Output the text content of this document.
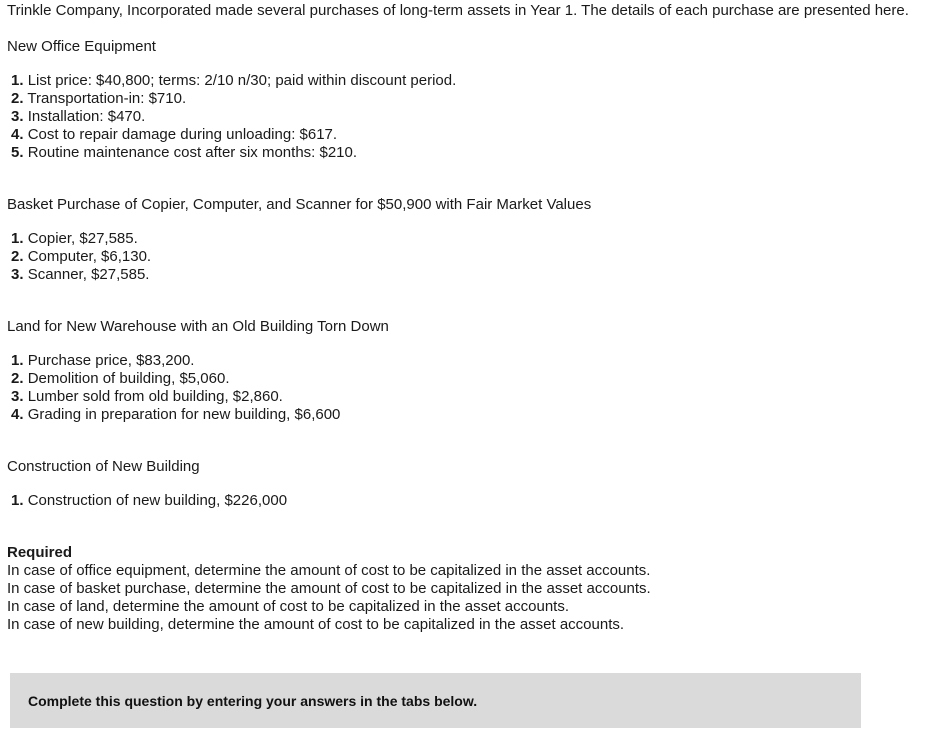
Trinkle Company, Incorporated made several purchases of long-term assets in Year 1. The details of each purchase are presented here.

New Office Equipment

1. List price: $40,800; terms: 2/10 n/30; paid within discount period.
2. Transportation-in: $710.
3. Installation: $470.
4. Cost to repair damage during unloading: $617.
5. Routine maintenance cost after six months: $210.

Basket Purchase of Copier, Computer, and Scanner for $50,900 with Fair Market Values

1. Copier, $27,585.
2. Computer, $6,130.
3. Scanner, $27,585.

Land for New Warehouse with an Old Building Torn Down

1. Purchase price, $83,200.
2. Demolition of building, $5,060.
3. Lumber sold from old building, $2,860.
4. Grading in preparation for new building, $6,600

Construction of New Building

1. Construction of new building, $226,000

Required

In case of office equipment, determine the amount of cost to be capitalized in the asset accounts.

In case of basket purchase, determine the amount of cost to be capitalized in the asset accounts.

In case of land, determine the amount of cost to be capitalized in the asset accounts.

In case of new building, determine the amount of cost to be capitalized in the asset accounts.

Complete this question by entering your answers in the tabs below.
